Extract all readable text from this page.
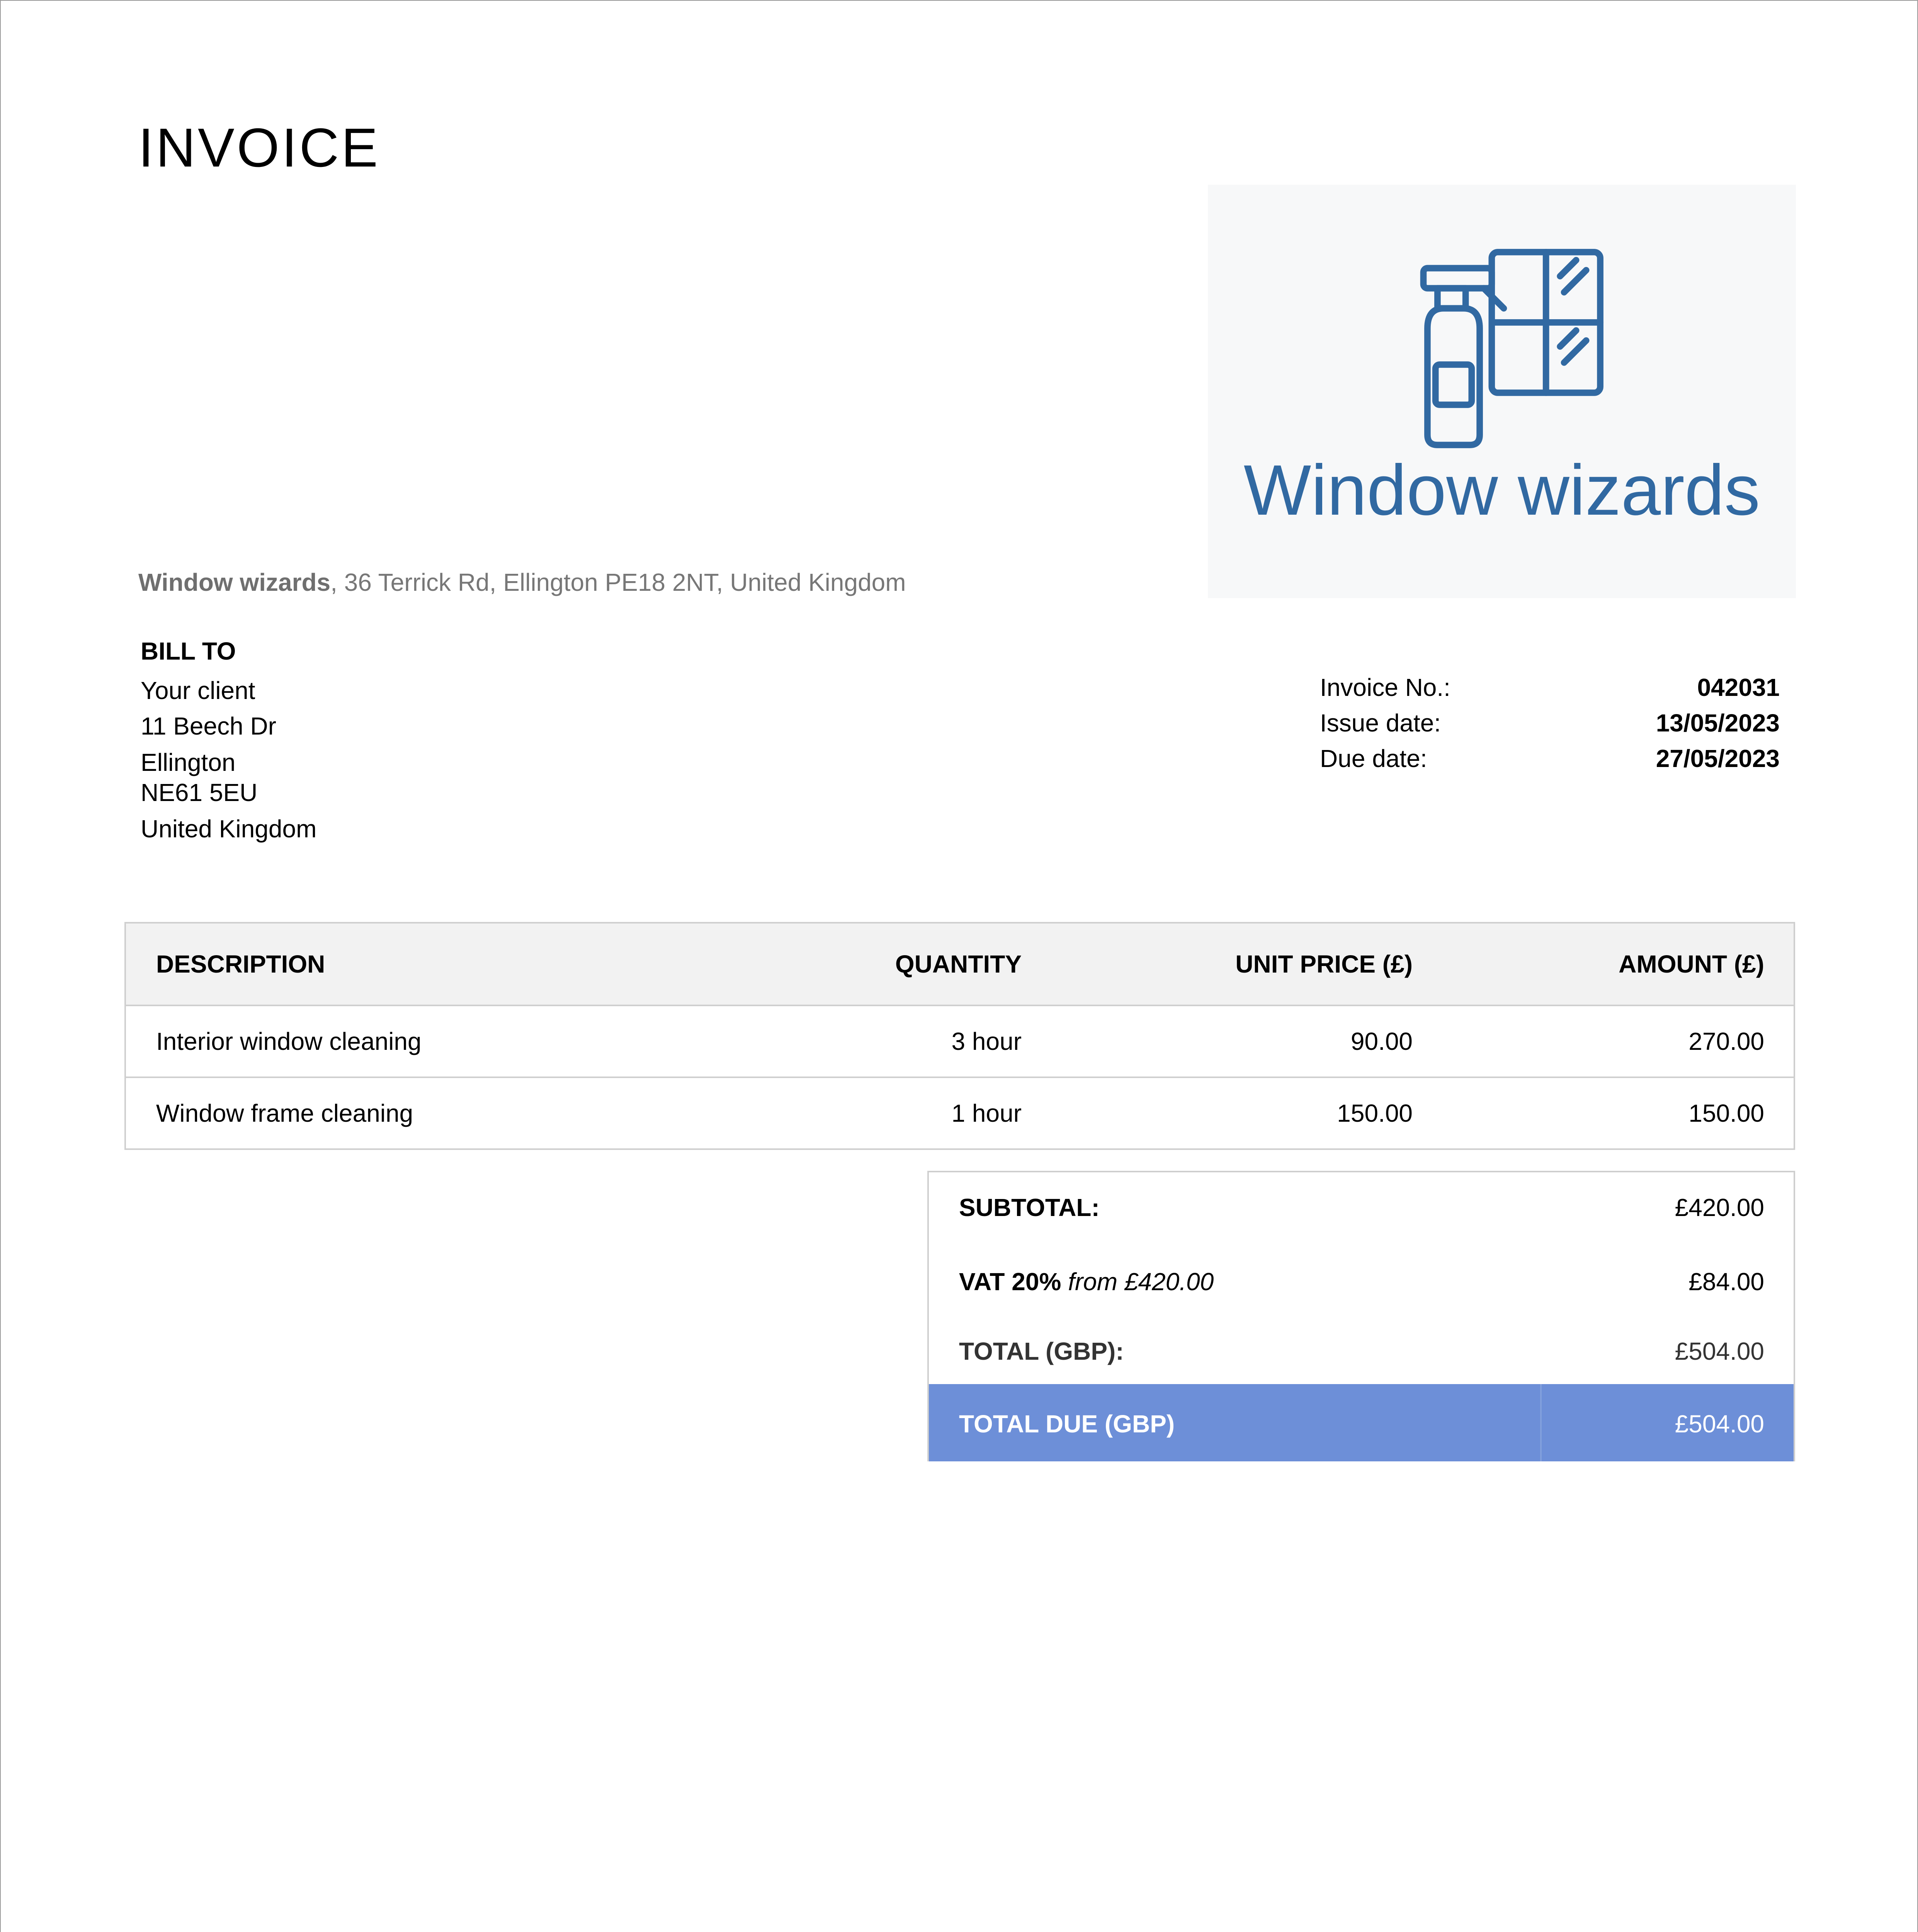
INVOICE
Window wizards
Window wizards, 36 Terrick Rd, Ellington PE18 2NT, United Kingdom
BILL TO
Your client
11 Beech Dr
Ellington
NE61 5EU
United Kingdom
Invoice No.:	042031
Issue date:	13/05/2023
Due date:	27/05/2023
DESCRIPTION	QUANTITY	UNIT PRICE (£)	AMOUNT (£)
Interior window cleaning	3 hour	90.00	270.00
Window frame cleaning	1 hour	150.00	150.00
SUBTOTAL:	£420.00
VAT 20% from £420.00	£84.00
TOTAL (GBP):	£504.00
TOTAL DUE (GBP)	£504.00
